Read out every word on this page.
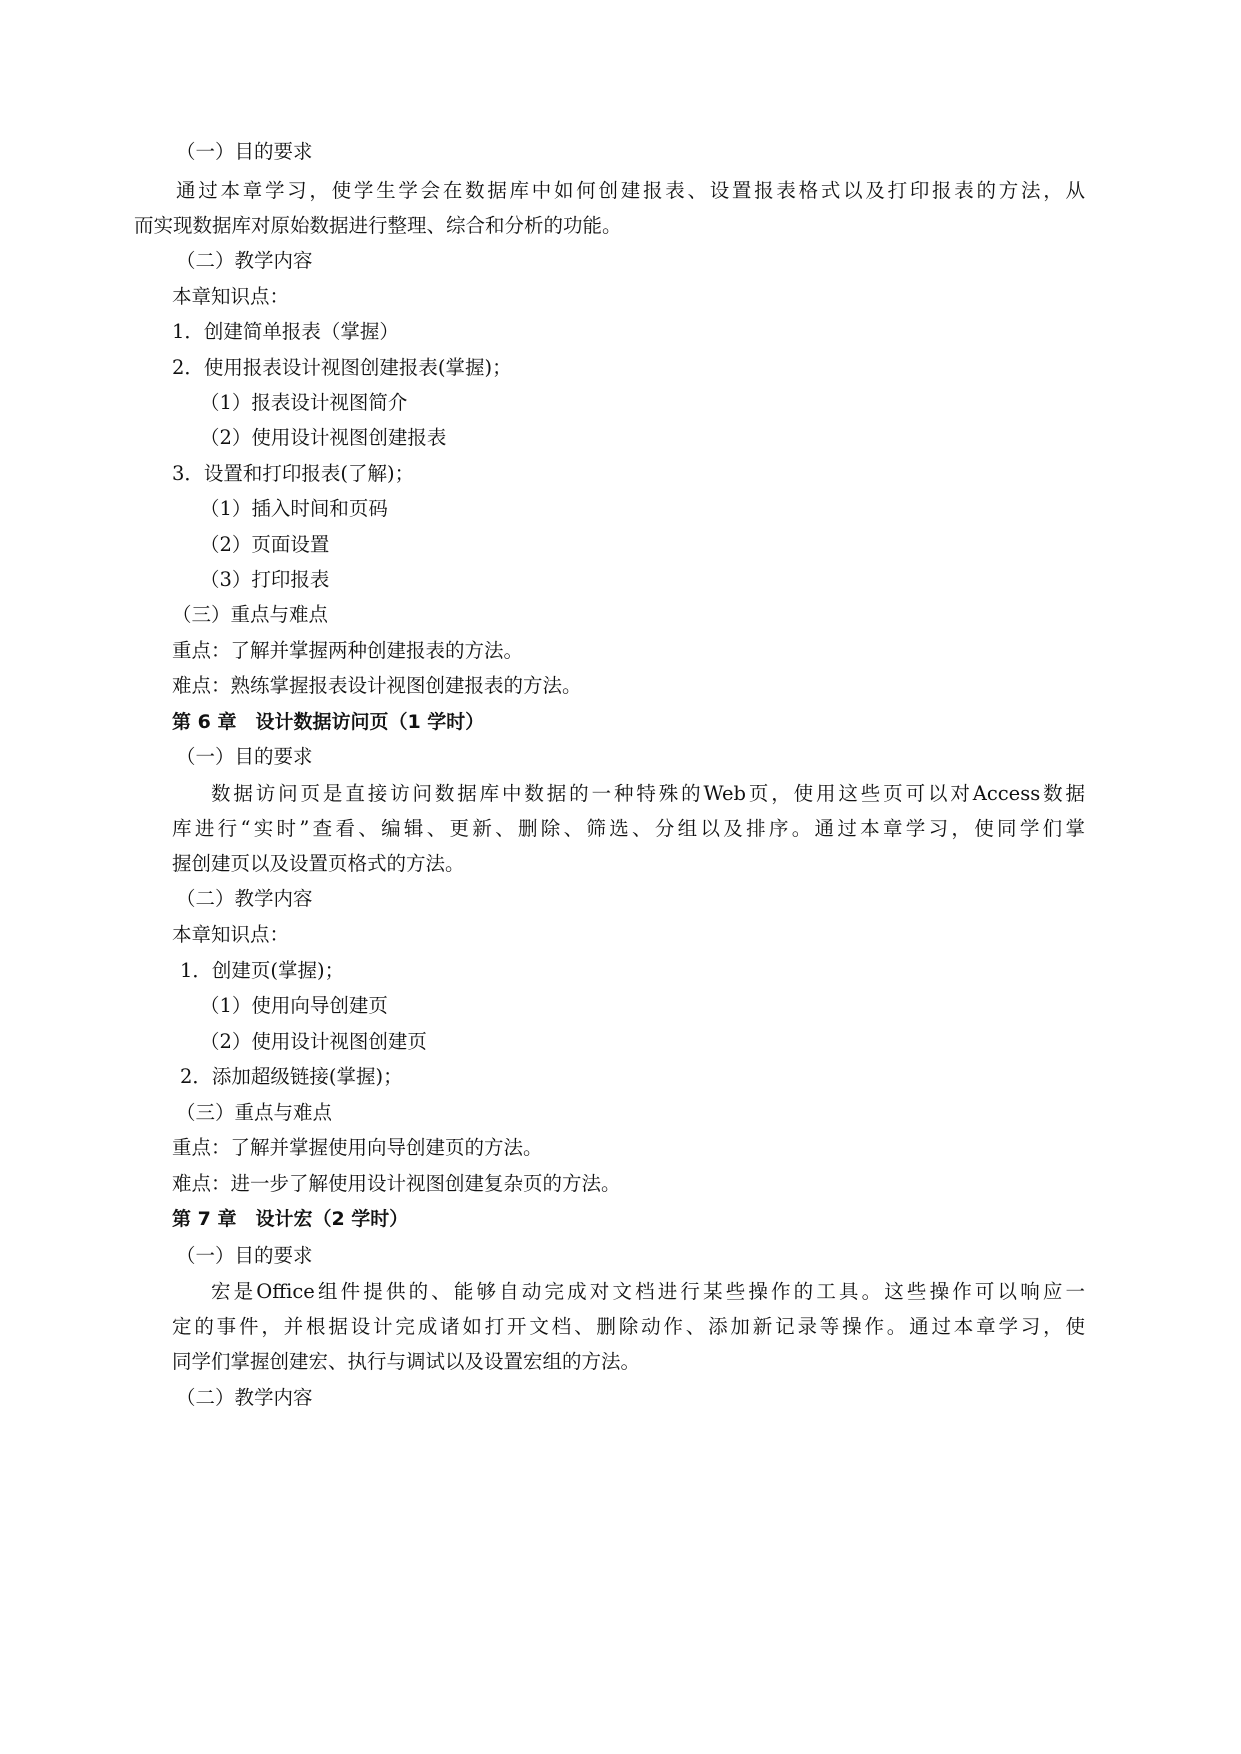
（一）目的要求
通过本章学习，使学生学会在数据库中如何创建报表、设置报表格式以及打印报表的方法，从
而实现数据库对原始数据进行整理、综合和分析的功能。
（二）教学内容
本章知识点：
1．创建简单报表（掌握）
2．使用报表设计视图创建报表(掌握)；
（1）报表设计视图简介
（2）使用设计视图创建报表
3．设置和打印报表(了解)；
（1）插入时间和页码
（2）页面设置
（3）打印报表
（三）重点与难点
重点：了解并掌握两种创建报表的方法。
难点：熟练掌握报表设计视图创建报表的方法。
第 6 章　设计数据访问页（1 学时）
（一）目的要求
数据访问页是直接访问数据库中数据的一种特殊的Web页，使用这些页可以对Access数据
库进行“实时”查看、编辑、更新、删除、筛选、分组以及排序。通过本章学习，使同学们掌
握创建页以及设置页格式的方法。
（二）教学内容
本章知识点：
1．创建页(掌握)；
（1）使用向导创建页
（2）使用设计视图创建页
2．添加超级链接(掌握)；
（三）重点与难点
重点：了解并掌握使用向导创建页的方法。
难点：进一步了解使用设计视图创建复杂页的方法。
第 7 章　设计宏（2 学时）
（一）目的要求
宏是Office组件提供的、能够自动完成对文档进行某些操作的工具。这些操作可以响应一
定的事件，并根据设计完成诸如打开文档、删除动作、添加新记录等操作。通过本章学习，使
同学们掌握创建宏、执行与调试以及设置宏组的方法。
（二）教学内容
